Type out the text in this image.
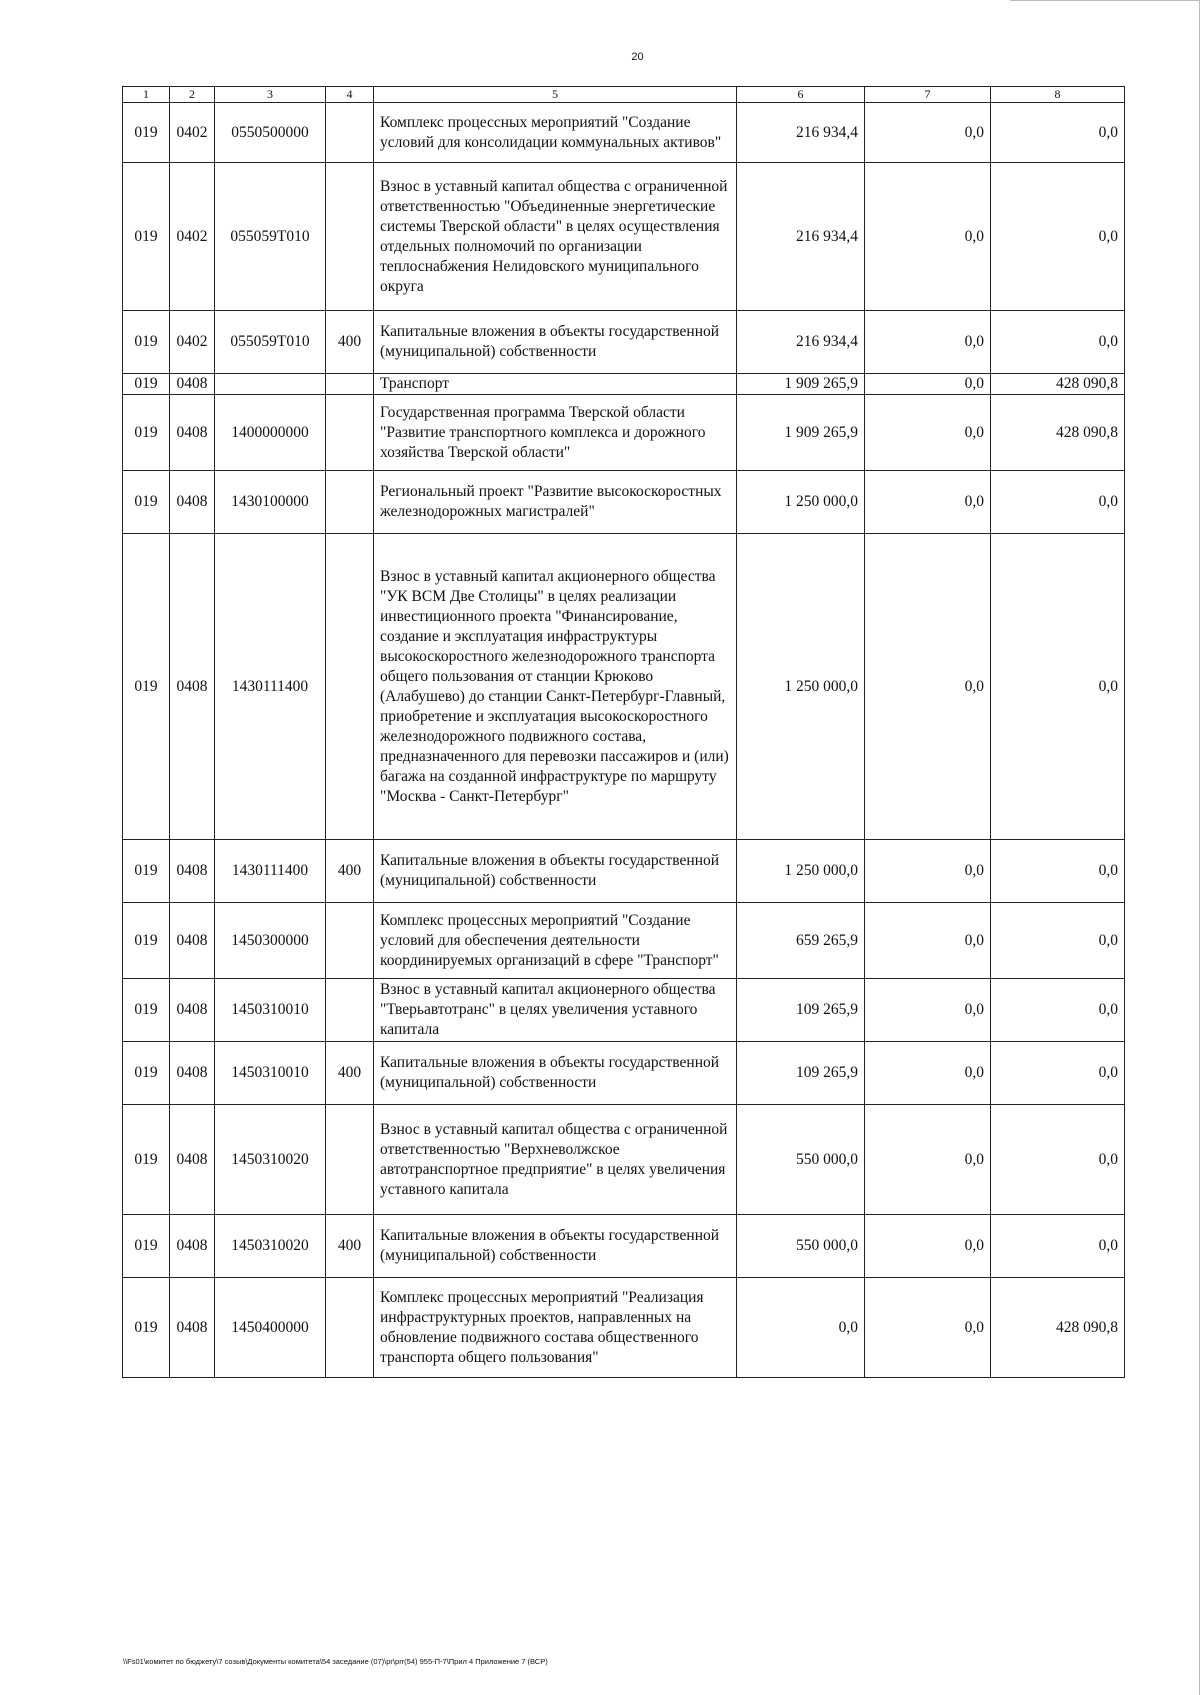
20
1	2	3	4	5	6	7	8
019	0402	0550500000		Комплекс процессных мероприятий "Создание условий для консолидации коммунальных активов"	216 934,4	0,0	0,0
019	0402	055059Т010		Взнос в уставный капитал общества с ограниченной ответственностью "Объединенные энергетические системы Тверской области" в целях осуществления отдельных полномочий по организации теплоснабжения Нелидовского муниципального округа	216 934,4	0,0	0,0
019	0402	055059Т010	400	Капитальные вложения в объекты государственной (муниципальной) собственности	216 934,4	0,0	0,0
019	0408			Транспорт	1 909 265,9	0,0	428 090,8
019	0408	1400000000		Государственная программа Тверской области "Развитие транспортного комплекса и дорожного хозяйства Тверской области"	1 909 265,9	0,0	428 090,8
019	0408	1430100000		Региональный проект "Развитие высокоскоростных железнодорожных магистралей"	1 250 000,0	0,0	0,0
019	0408	1430111400		Взнос в уставный капитал акционерного общества "УК ВСМ Две Столицы" в целях реализации инвестиционного проекта "Финансирование, создание и эксплуатация инфраструктуры высокоскоростного железнодорожного транспорта общего пользования от станции Крюково (Алабушево) до станции Санкт-Петербург-Главный, приобретение и эксплуатация высокоскоростного железнодорожного подвижного состава, предназначенного для перевозки пассажиров и (или) багажа на созданной инфраструктуре по маршруту "Москва - Санкт-Петербург"	1 250 000,0	0,0	0,0
019	0408	1430111400	400	Капитальные вложения в объекты государственной (муниципальной) собственности	1 250 000,0	0,0	0,0
019	0408	1450300000		Комплекс процессных мероприятий "Создание условий для обеспечения деятельности координируемых организаций в сфере "Транспорт"	659 265,9	0,0	0,0
019	0408	1450310010		Взнос в уставный капитал акционерного общества "Тверьавтотранс" в целях увеличения уставного капитала	109 265,9	0,0	0,0
019	0408	1450310010	400	Капитальные вложения в объекты государственной (муниципальной) собственности	109 265,9	0,0	0,0
019	0408	1450310020		Взнос в уставный капитал общества с ограниченной ответственностью "Верхневолжское автотранспортное предприятие" в целях увеличения уставного капитала	550 000,0	0,0	0,0
019	0408	1450310020	400	Капитальные вложения в объекты государственной (муниципальной) собственности	550 000,0	0,0	0,0
019	0408	1450400000		Комплекс процессных мероприятий "Реализация инфраструктурных проектов, направленных на обновление подвижного состава общественного транспорта общего пользования"	0,0	0,0	428 090,8
\\Fs01\комитет по бюджету\7 созыв\Документы комитета\54 заседание (07)\pr\prr(54) 955-П-7\Прил 4 Приложение 7 (ВСР)
